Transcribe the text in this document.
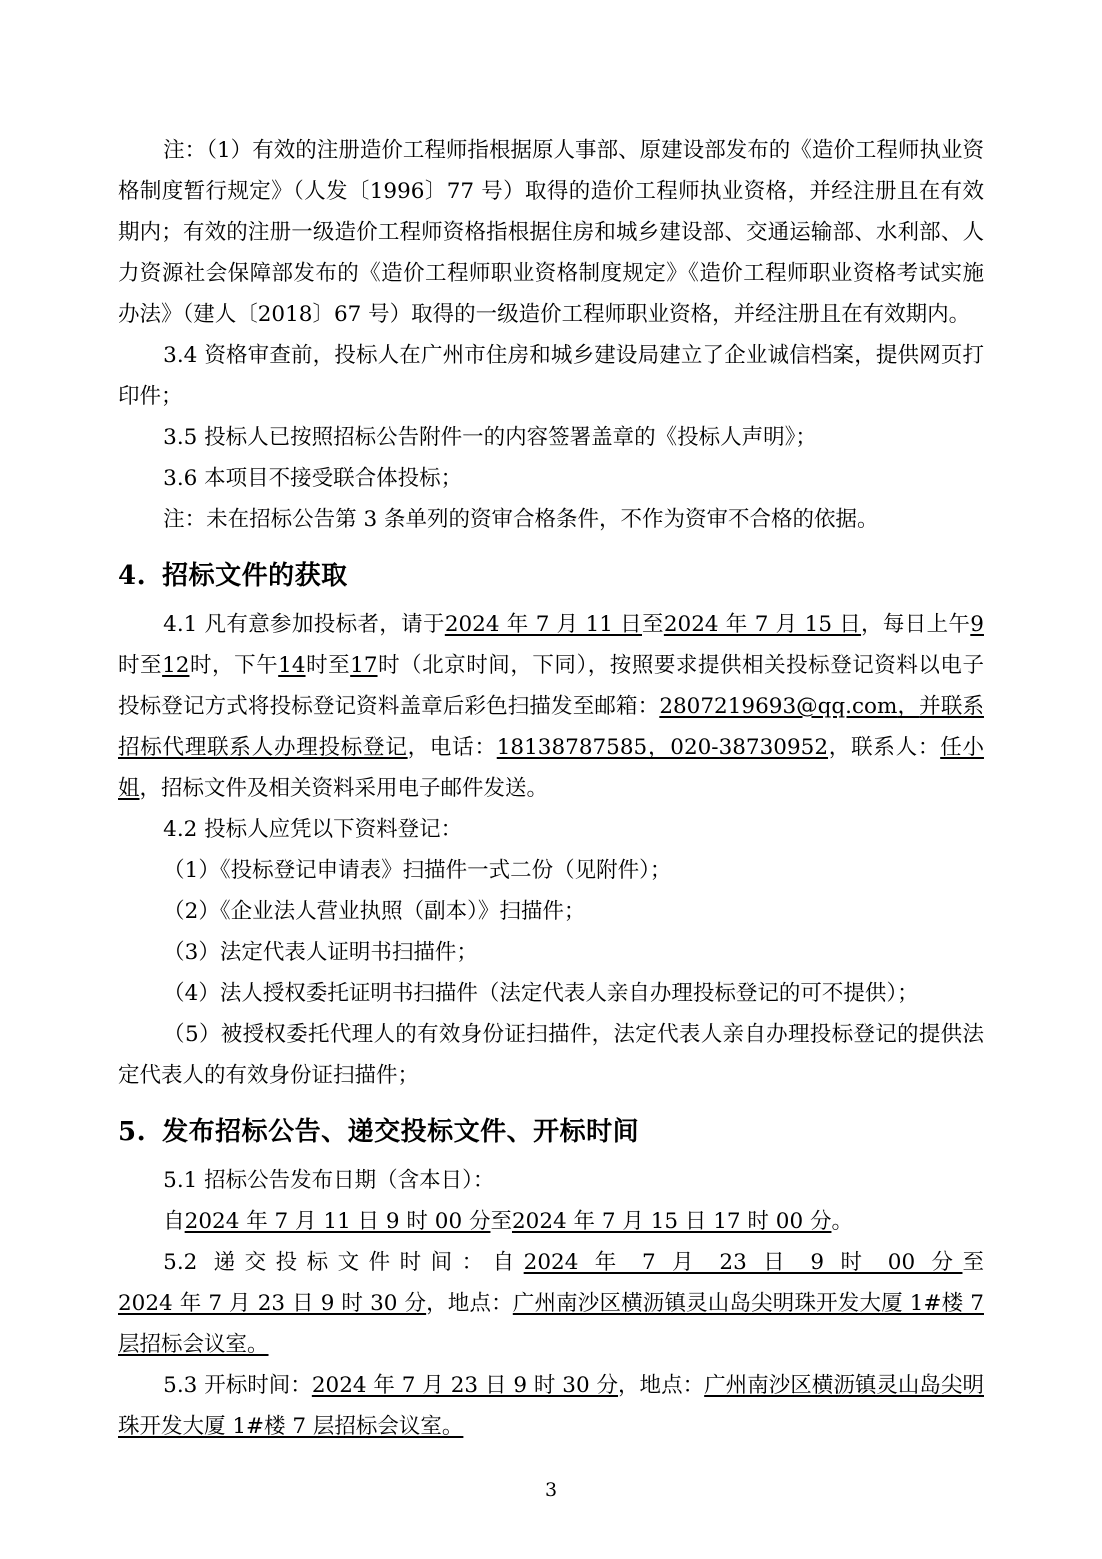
注：（1）有效的注册造价工程师指根据原人事部、原建设部发布的《造价工程师执业资格制度暂行规定》（人发〔1996〕77 号）取得的造价工程师执业资格，并经注册且在有效期内；有效的注册一级造价工程师资格指根据住房和城乡建设部、交通运输部、水利部、人力资源社会保障部发布的《造价工程师职业资格制度规定》《造价工程师职业资格考试实施办法》（建人〔2018〕67 号）取得的一级造价工程师职业资格，并经注册且在有效期内。

3.4 资格审查前，投标人在广州市住房和城乡建设局建立了企业诚信档案，提供网页打印件；

3.5 投标人已按照招标公告附件一的内容签署盖章的《投标人声明》；

3.6 本项目不接受联合体投标；

注：未在招标公告第 3 条单列的资审合格条件，不作为资审不合格的依据。

4. 招标文件的获取

4.1 凡有意参加投标者，请于2024 年 7 月 11 日至2024 年 7 月 15 日，每日上午9时至12时，下午14时至17时（北京时间，下同），按照要求提供相关投标登记资料以电子投标登记方式将投标登记资料盖章后彩色扫描发至邮箱：2807219693@qq.com，并联系招标代理联系人办理投标登记，电话：18138787585，020-38730952，联系人：任小姐，招标文件及相关资料采用电子邮件发送。

4.2 投标人应凭以下资料登记：

（1）《投标登记申请表》扫描件一式二份（见附件）；

（2）《企业法人营业执照（副本）》扫描件；

（3）法定代表人证明书扫描件；

（4）法人授权委托证明书扫描件（法定代表人亲自办理投标登记的可不提供）；

（5）被授权委托代理人的有效身份证扫描件，法定代表人亲自办理投标登记的提供法定代表人的有效身份证扫描件；

5. 发布招标公告、递交投标文件、开标时间

5.1 招标公告发布日期（含本日）：

自2024 年 7 月 11 日 9 时 00 分至2024 年 7 月 15 日 17 时 00 分。

5.2 递交投标文件时间：自2024 年 7 月 23 日 9 时 00 分至2024 年 7 月 23 日 9 时 30 分，地点：广州南沙区横沥镇灵山岛尖明珠开发大厦 1#楼 7 层招标会议室。

5.3 开标时间：2024 年 7 月 23 日 9 时 30 分，地点：广州南沙区横沥镇灵山岛尖明珠开发大厦 1#楼 7 层招标会议室。

3
